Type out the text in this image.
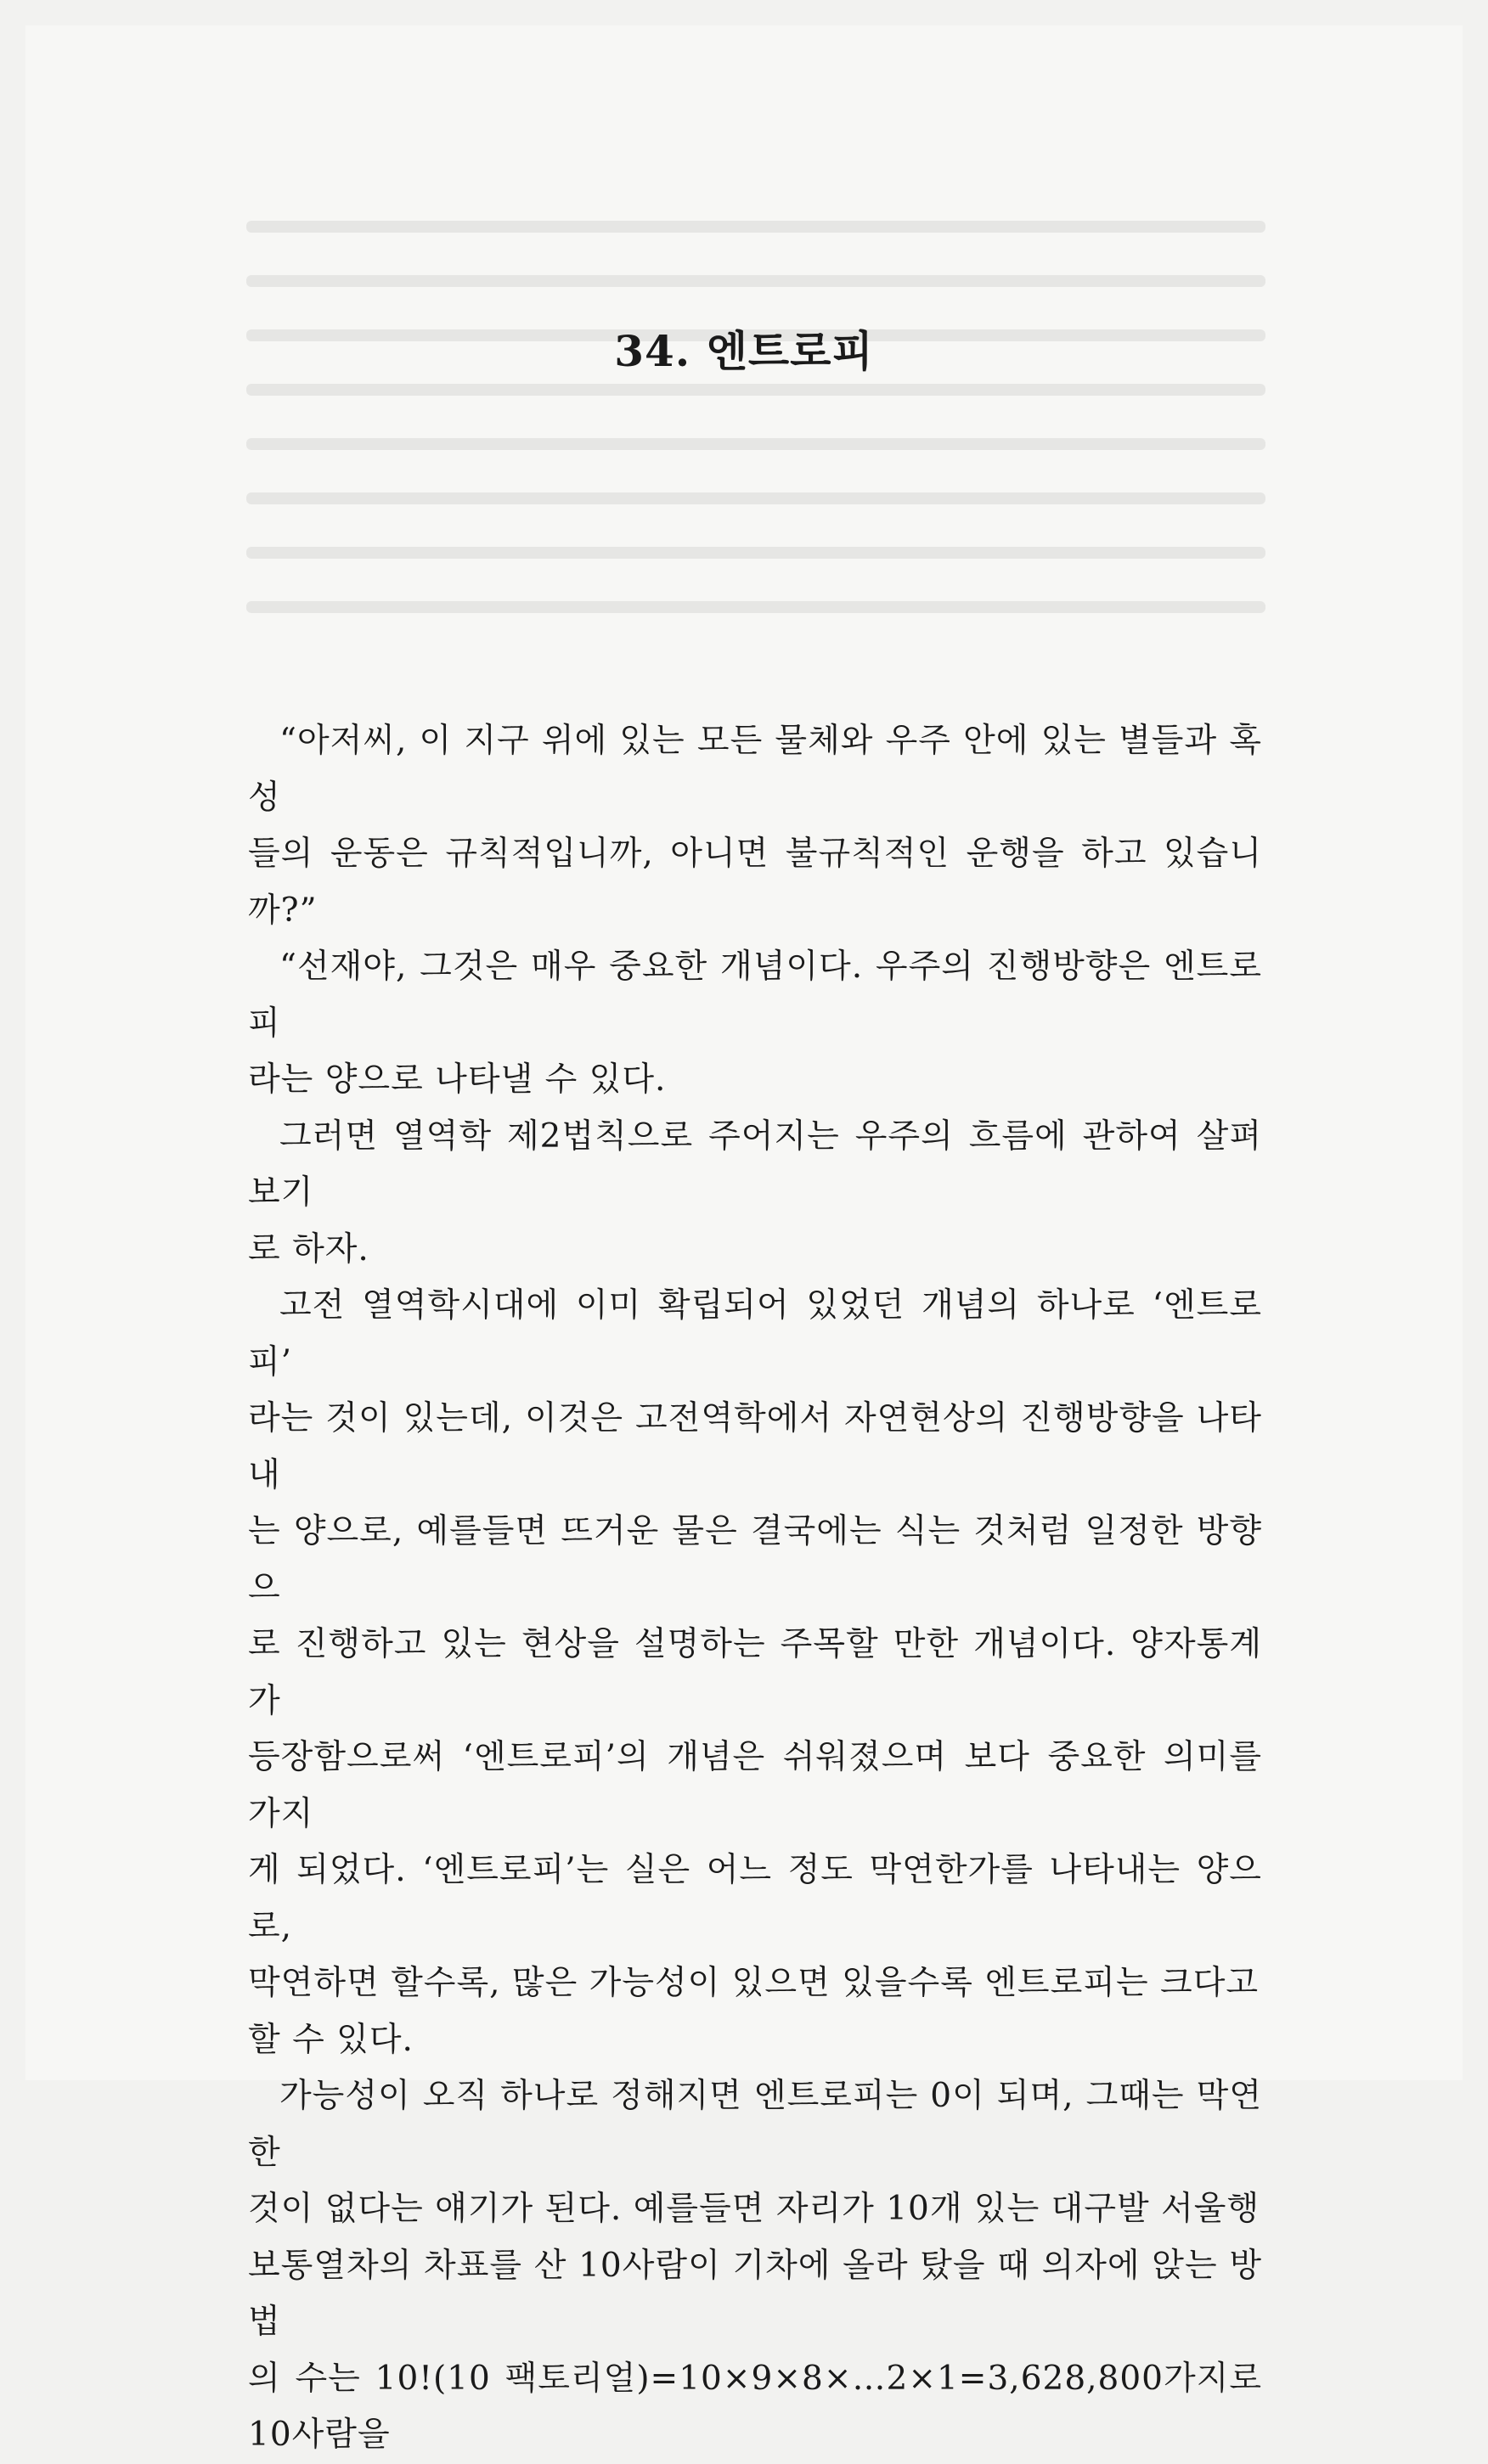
34. 엔트로피

“아저씨, 이 지구 위에 있는 모든 물체와 우주 안에 있는 별들과 혹성
들의 운동은 규칙적입니까, 아니면 불규칙적인 운행을 하고 있습니까?”

“선재야, 그것은 매우 중요한 개념이다. 우주의 진행방향은 엔트로피
라는 양으로 나타낼 수 있다.

그러면 열역학 제2법칙으로 주어지는 우주의 흐름에 관하여 살펴보기
로 하자.

고전 열역학시대에 이미 확립되어 있었던 개념의 하나로 ‘엔트로피’
라는 것이 있는데, 이것은 고전역학에서 자연현상의 진행방향을 나타내
는 양으로, 예를들면 뜨거운 물은 결국에는 식는 것처럼 일정한 방향으
로 진행하고 있는 현상을 설명하는 주목할 만한 개념이다. 양자통계가
등장함으로써 ‘엔트로피’의 개념은 쉬워졌으며 보다 중요한 의미를 가지
게 되었다. ‘엔트로피’는 실은 어느 정도 막연한가를 나타내는 양으로,
막연하면 할수록, 많은 가능성이 있으면 있을수록 엔트로피는 크다고
할 수 있다.

가능성이 오직 하나로 정해지면 엔트로피는 0이 되며, 그때는 막연한
것이 없다는 얘기가 된다. 예를들면 자리가 10개 있는 대구발 서울행
보통열차의 차표를 산 10사람이 기차에 올라 탔을 때 의자에 앉는 방법
의 수는 10!(10 팩토리얼)=10×9×8×…2×1=3,628,800가지로 10사람을
